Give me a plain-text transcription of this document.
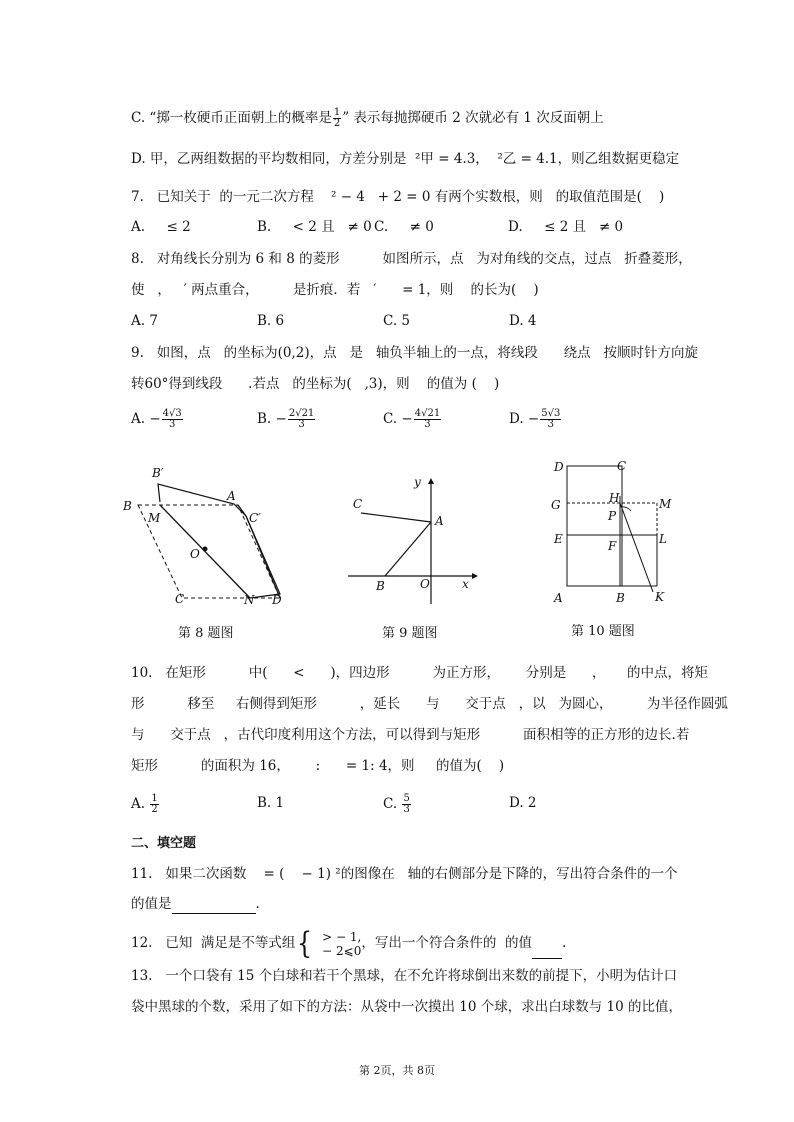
C. “掷一枚硬币正面朝上的概率是 $\frac{1}{2}$ ” 表示每抛掷硬币 2 次就必有 1 次反面朝上
D. 甲，乙两组数据的平均数相同，方差分别是  ²甲 = 4.3，  ²乙 = 4.1，则乙组数据更稳定
7.   已知关于  的一元二次方程    ² − 4   + 2 = 0 有两个实数根，则   的取值范围是(    )
A.     ≤ 2	B.     < 2 且   ≠ 0 C.     ≠ 0	D.     ≤ 2 且   ≠ 0
8.   对角线长分别为 6 和 8 的菱形          如图所示，点   为对角线的交点，过点   折叠菱形，
使   ，   ′ 两点重合，        是折痕．若   ′      = 1，则    的长为(    )
A. 7	B. 6	C. 5	D. 4
9.   如图，点   的坐标为(0,2)，点   是   轴负半轴上的一点，将线段      绕点   按顺时针方向旋
转60°得到线段      .若点   的坐标为(   ,3)，则    的值为 (    )
A. − $\frac{4√3}{3}$	B. − $\frac{2√21}{3}$	C. − $\frac{4√21}{3}$	D. − $\frac{5√3}{3}$
B′
A
B
M	C′
O
C	N D
第 8 题图
y
C
A
B	O	x
第 9 题图
D	C
G	H	M
P
E	F	L
A	B	K
第 10 题图
10.   在矩形          中(      <      )，四边形          为正方形，      分别是      ，     的中点，将矩
形          移至     右侧得到矩形          ，延长      与      交于点   ，以   为圆心，        为半径作圆弧
与      交于点   ，古代印度利用这个方法，可以得到与矩形          面积相等的正方形的边长.若
矩形          的面积为 16，      :      = 1: 4，则     的值为(    )
A. $\frac{1}{2}$	B. 1	C. $\frac{5}{3}$	D. 2
二、填空题
11.   如果二次函数    = (    − 1) ²的图像在   轴的右侧部分是下降的，写出符合条件的一个
的值是	.
12.   已知  满足是不等式组{ > − 1,
− 2⩽0 ，写出一个符合条件的  的值 .
13.   一个口袋有 15 个白球和若干个黑球，在不允许将球倒出来数的前提下，小明为估计口
袋中黑球的个数，采用了如下的方法：从袋中一次摸出 10 个球，求出白球数与 10 的比值，
第 2页，共 8页
